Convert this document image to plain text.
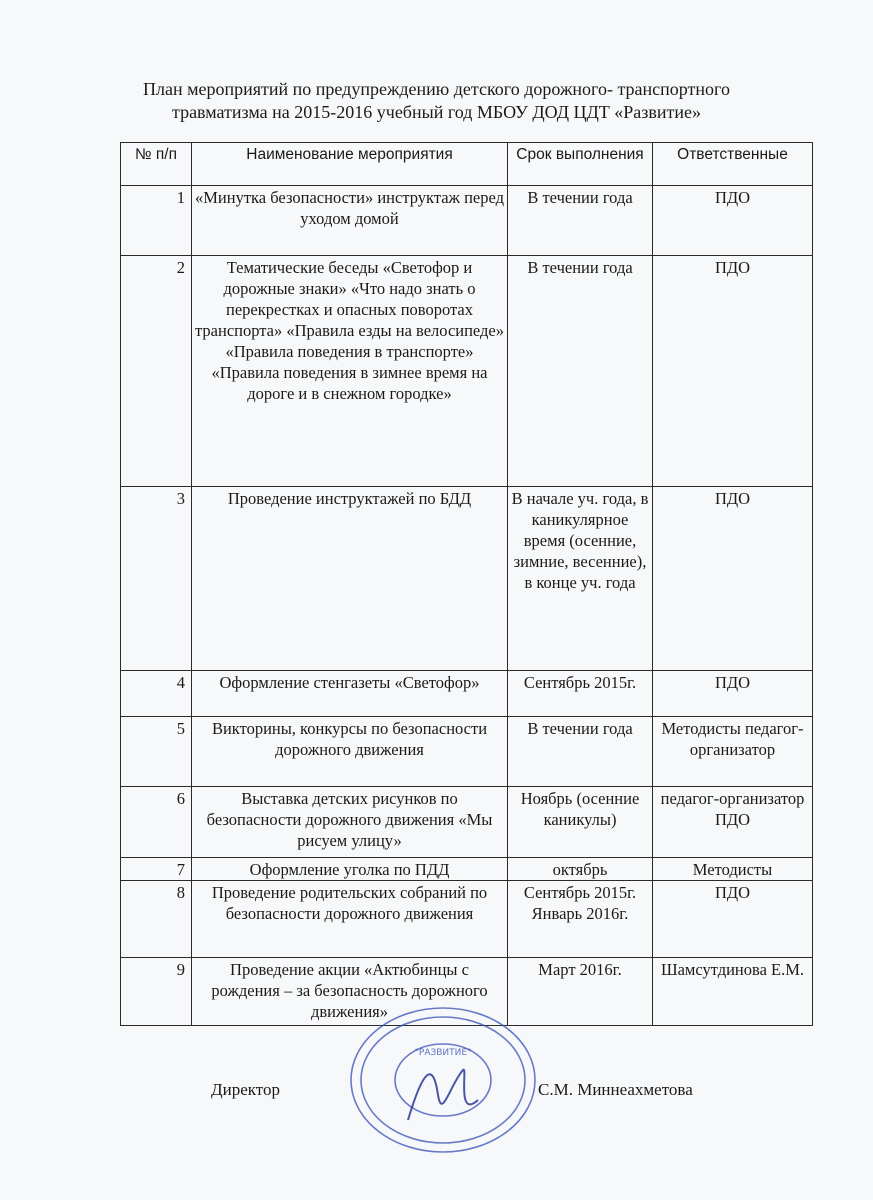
План мероприятий по предупреждению детского дорожного- транспортного
травматизма на 2015-2016 учебный год МБОУ ДОД ЦДТ «Развитие»
№ п/п	Наименование мероприятия	Срок выполнения	Ответственные
1	«Минутка безопасности» инструктаж перед уходом домой	В течении года	ПДО
2	Тематические беседы «Светофор и дорожные знаки» «Что надо знать о перекрестках и опасных поворотах транспорта» «Правила езды на велосипеде» «Правила поведения в транспорте» «Правила поведения в зимнее время на дороге и в снежном городке»	В течении года	ПДО
3	Проведение инструктажей по БДД	В начале уч. года, в каникулярное время (осенние, зимние, весенние), в конце уч. года	ПДО
4	Оформление стенгазеты «Светофор»	Сентябрь 2015г.	ПДО
5	Викторины, конкурсы по безопасности дорожного движения	В течении года	Методисты педагог-организатор
6	Выставка детских рисунков по безопасности дорожного движения «Мы рисуем улицу»	Ноябрь (осенние каникулы)	педагог-организатор ПДО
7	Оформление уголка по ПДД	октябрь	Методисты
8	Проведение родительских собраний по безопасности дорожного движения	Сентябрь 2015г. Январь 2016г.	ПДО
9	Проведение акции «Актюбинцы с рождения – за безопасность дорожного движения»	Март 2016г.	Шамсутдинова Е.М.
Директор
"РАЗВИТИЕ"
С.М. Миннеахметова
